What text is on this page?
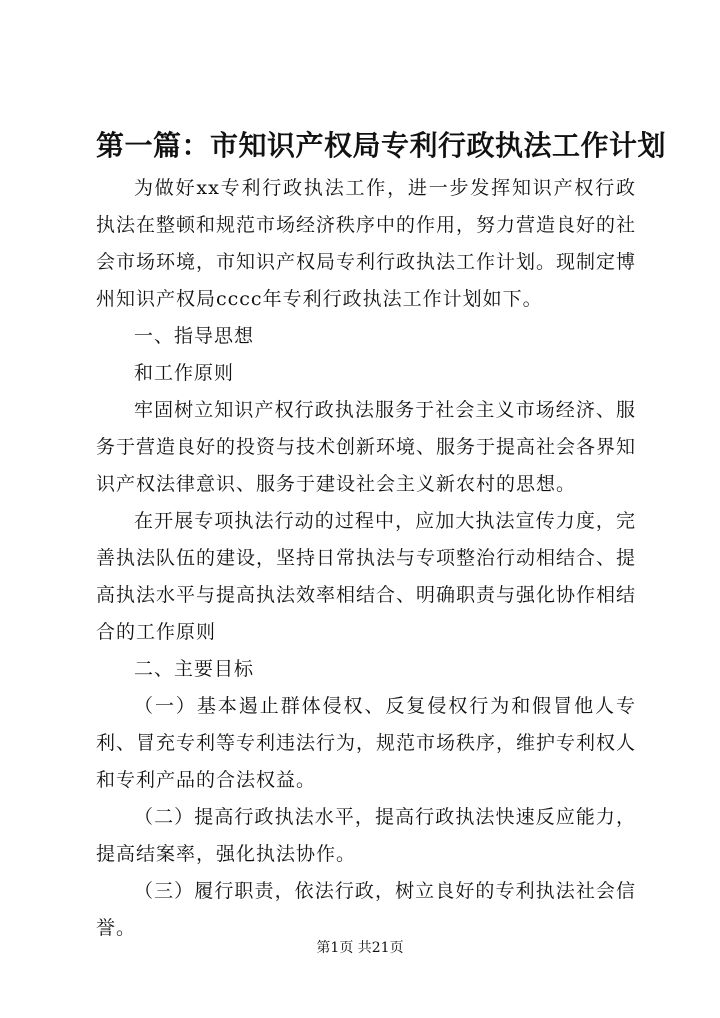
第一篇：市知识产权局专利行政执法工作计划

为做好xx专利行政执法工作，进一步发挥知识产权行政执法在整顿和规范市场经济秩序中的作用，努力营造良好的社会市场环境，市知识产权局专利行政执法工作计划。现制定博州知识产权局cccc年专利行政执法工作计划如下。

一、指导思想

和工作原则

牢固树立知识产权行政执法服务于社会主义市场经济、服务于营造良好的投资与技术创新环境、服务于提高社会各界知识产权法律意识、服务于建设社会主义新农村的思想。

在开展专项执法行动的过程中，应加大执法宣传力度，完善执法队伍的建设，坚持日常执法与专项整治行动相结合、提高执法水平与提高执法效率相结合、明确职责与强化协作相结合的工作原则

二、主要目标

（一）基本遏止群体侵权、反复侵权行为和假冒他人专利、冒充专利等专利违法行为，规范市场秩序，维护专利权人和专利产品的合法权益。

（二）提高行政执法水平，提高行政执法快速反应能力，提高结案率，强化执法协作。

（三）履行职责，依法行政，树立良好的专利执法社会信誉。

第1页 共21页
